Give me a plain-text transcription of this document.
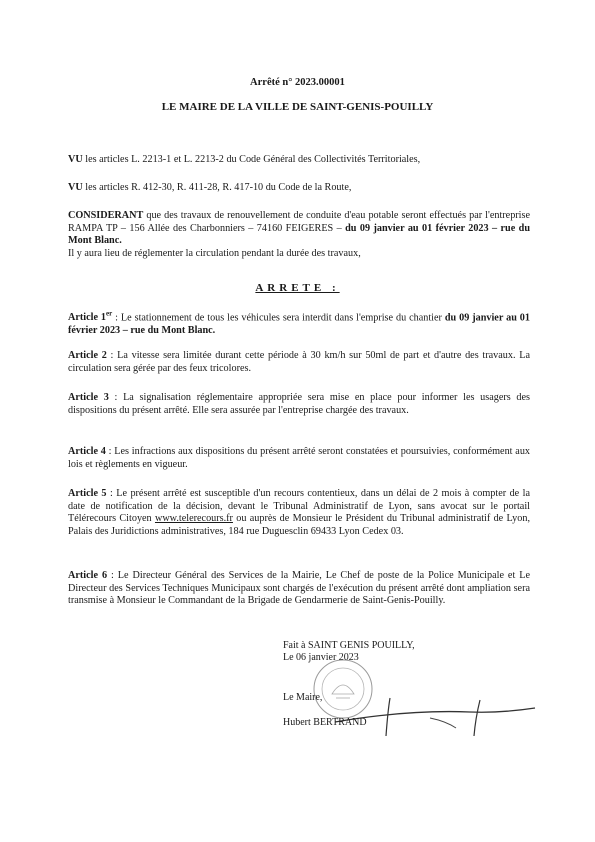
Arrêté n° 2023.00001
LE MAIRE DE LA VILLE DE SAINT-GENIS-POUILLY
VU les articles L. 2213-1 et L. 2213-2 du Code Général des Collectivités Territoriales,
VU les articles R. 412-30, R. 411-28, R. 417-10 du Code de la Route,
CONSIDERANT que des travaux de renouvellement de conduite d'eau potable seront effectués par l'entreprise RAMPA TP – 156 Allée des Charbonniers – 74160 FEIGERES – du 09 janvier au 01 février 2023 – rue du Mont Blanc.
Il y aura lieu de réglementer la circulation pendant la durée des travaux,
ARRETE :
Article 1er : Le stationnement de tous les véhicules sera interdit dans l'emprise du chantier du 09 janvier au 01 février 2023 – rue du Mont Blanc.
Article 2 : La vitesse sera limitée durant cette période à 30 km/h sur 50ml de part et d'autre des travaux. La circulation sera gérée par des feux tricolores.
Article 3 : La signalisation réglementaire appropriée sera mise en place pour informer les usagers des dispositions du présent arrêté. Elle sera assurée par l'entreprise chargée des travaux.
Article 4 : Les infractions aux dispositions du présent arrêté seront constatées et poursuivies, conformément aux lois et règlements en vigueur.
Article 5 : Le présent arrêté est susceptible d'un recours contentieux, dans un délai de 2 mois à compter de la date de notification de la décision, devant le Tribunal Administratif de Lyon, sans avocat sur le portail Télérecours Citoyen www.telerecours.fr ou auprès de Monsieur le Président du Tribunal administratif de Lyon, Palais des Juridictions administratives, 184 rue Duguesclin 69433 Lyon Cedex 03.
Article 6 : Le Directeur Général des Services de la Mairie, Le Chef de poste de la Police Municipale et Le Directeur des Services Techniques Municipaux sont chargés de l'exécution du présent arrêté dont ampliation sera transmise à Monsieur le Commandant de la Brigade de Gendarmerie de Saint-Genis-Pouilly.
Fait à SAINT GENIS POUILLY,
Le 06 janvier 2023
Le Maire,
Hubert BERTRAND
